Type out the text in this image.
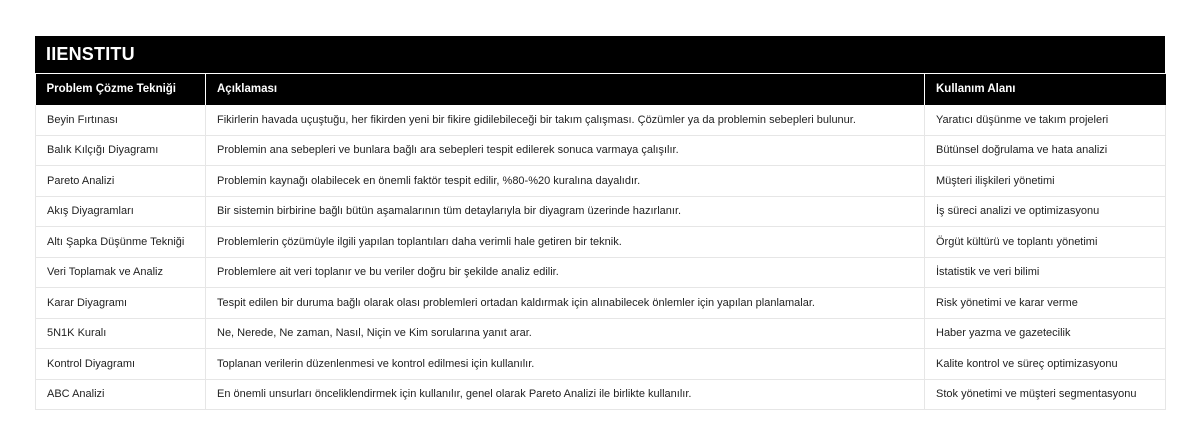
IIENSTITU
Problem Çözme Tekniği	Açıklaması	Kullanım Alanı
Beyin Fırtınası	Fikirlerin havada uçuştuğu, her fikirden yeni bir fikire gidilebileceği bir takım çalışması. Çözümler ya da problemin sebepleri bulunur.	Yaratıcı düşünme ve takım projeleri
Balık Kılçığı Diyagramı	Problemin ana sebepleri ve bunlara bağlı ara sebepleri tespit edilerek sonuca varmaya çalışılır.	Bütünsel doğrulama ve hata analizi
Pareto Analizi	Problemin kaynağı olabilecek en önemli faktör tespit edilir, %80-%20 kuralına dayalıdır.	Müşteri ilişkileri yönetimi
Akış Diyagramları	Bir sistemin birbirine bağlı bütün aşamalarının tüm detaylarıyla bir diyagram üzerinde hazırlanır.	İş süreci analizi ve optimizasyonu
Altı Şapka Düşünme Tekniği	Problemlerin çözümüyle ilgili yapılan toplantıları daha verimli hale getiren bir teknik.	Örgüt kültürü ve toplantı yönetimi
Veri Toplamak ve Analiz	Problemlere ait veri toplanır ve bu veriler doğru bir şekilde analiz edilir.	İstatistik ve veri bilimi
Karar Diyagramı	Tespit edilen bir duruma bağlı olarak olası problemleri ortadan kaldırmak için alınabilecek önlemler için yapılan planlamalar.	Risk yönetimi ve karar verme
5N1K Kuralı	Ne, Nerede, Ne zaman, Nasıl, Niçin ve Kim sorularına yanıt arar.	Haber yazma ve gazetecilik
Kontrol Diyagramı	Toplanan verilerin düzenlenmesi ve kontrol edilmesi için kullanılır.	Kalite kontrol ve süreç optimizasyonu
ABC Analizi	En önemli unsurları önceliklendirmek için kullanılır, genel olarak Pareto Analizi ile birlikte kullanılır.	Stok yönetimi ve müşteri segmentasyonu
